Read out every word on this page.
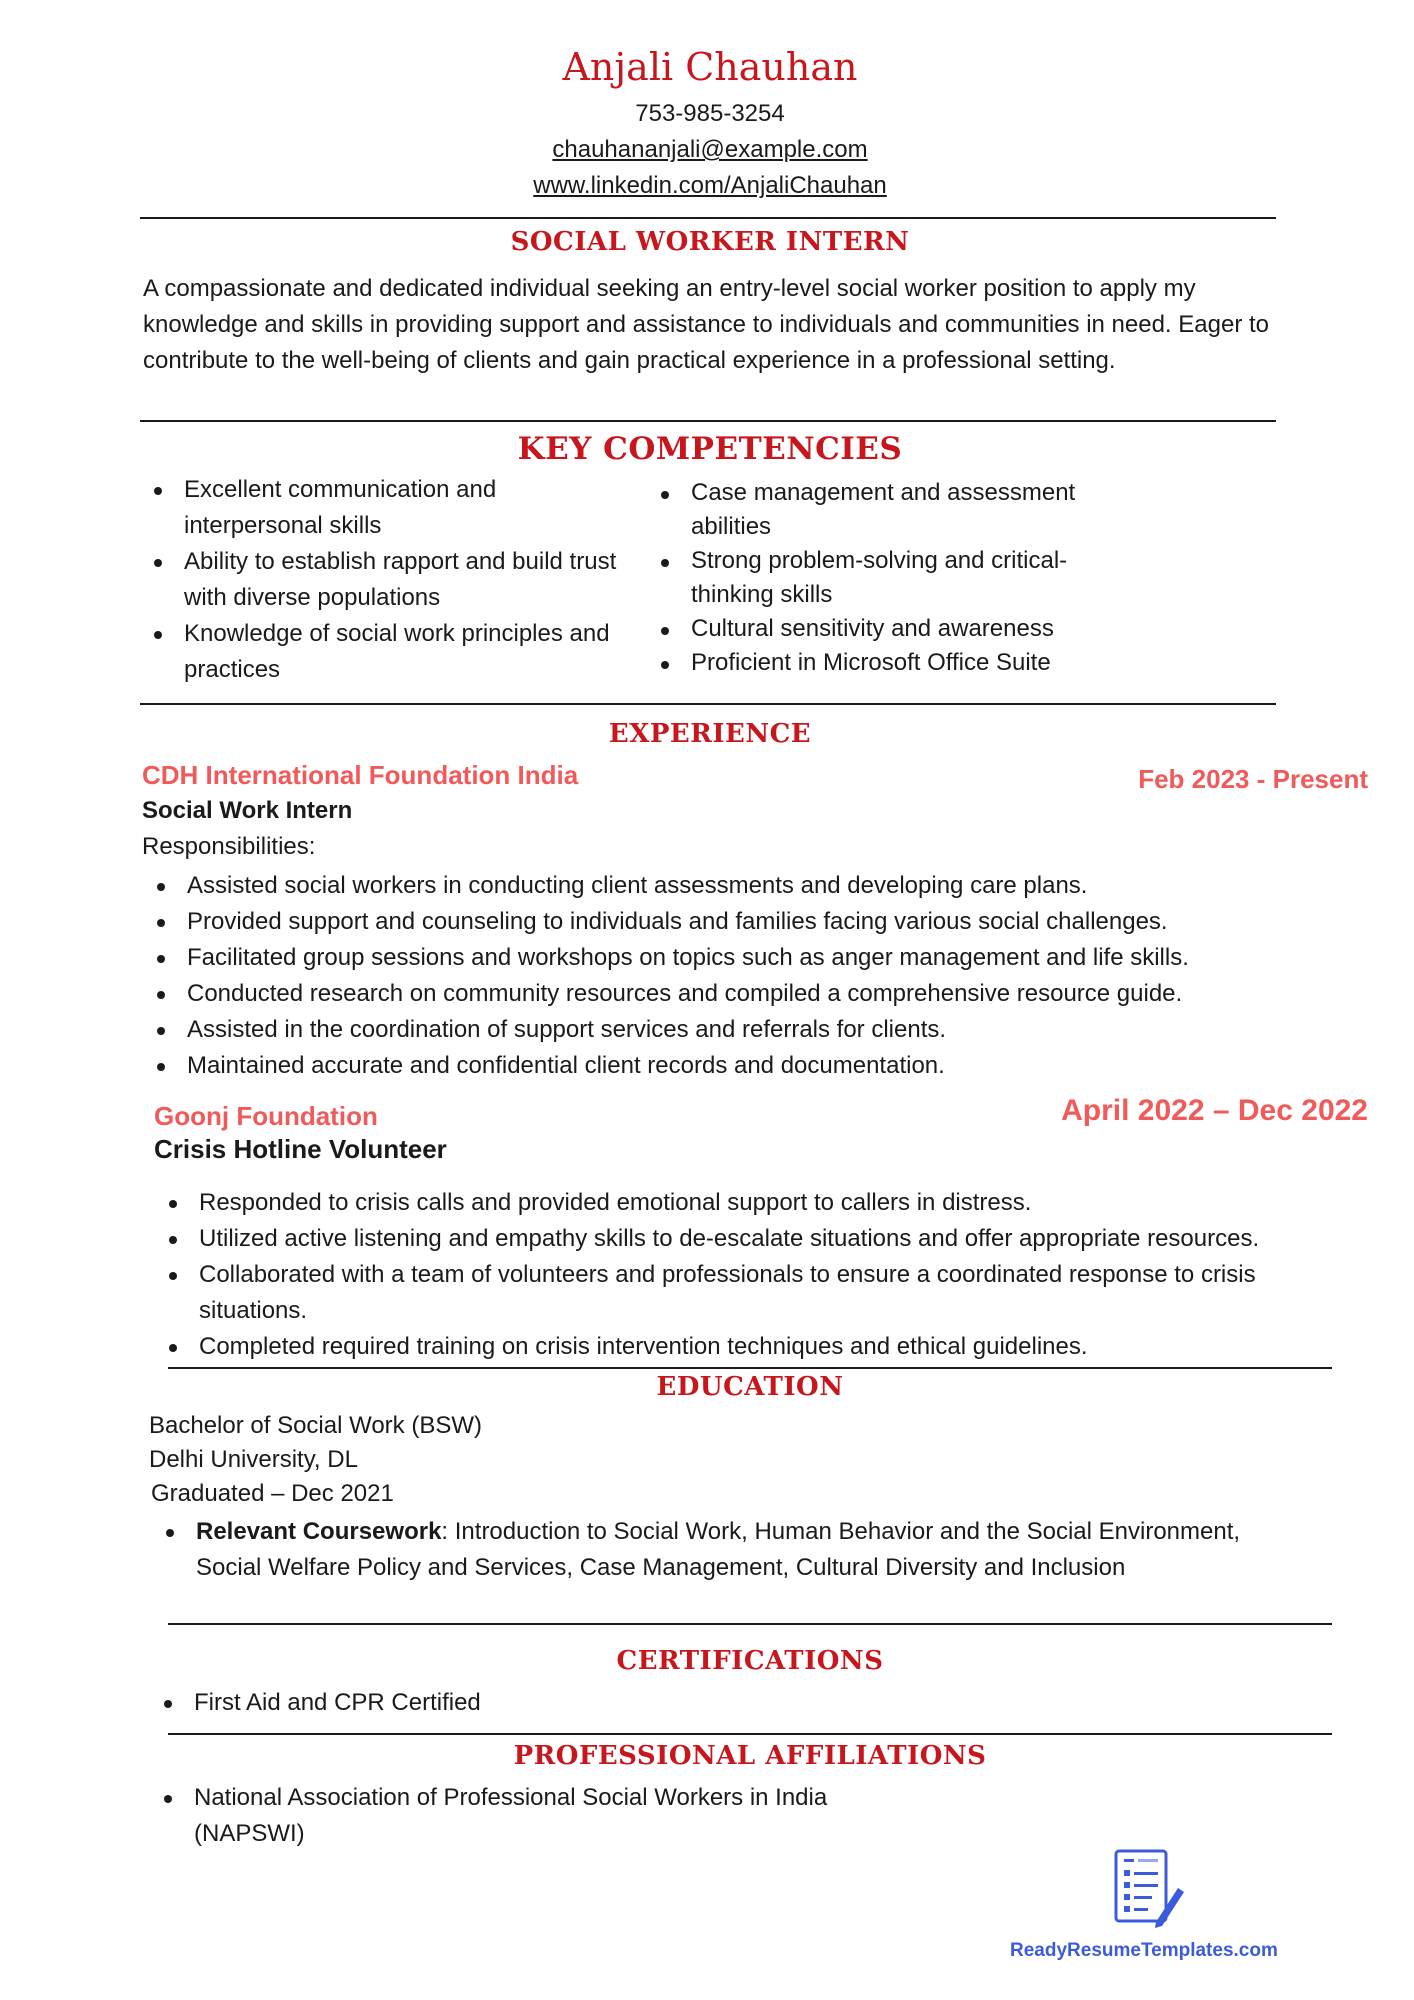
Anjali Chauhan
753-985-3254
chauhananjali@example.com
www.linkedin.com/AnjaliChauhan
SOCIAL WORKER INTERN
A compassionate and dedicated individual seeking an entry-level social worker position to apply my knowledge and skills in providing support and assistance to individuals and communities in need. Eager to contribute to the well-being of clients and gain practical experience in a professional setting.
KEY COMPETENCIES
Excellent communication and interpersonal skills
Ability to establish rapport and build trust with diverse populations
Knowledge of social work principles and practices
Case management and assessment abilities
Strong problem-solving and critical-thinking skills
Cultural sensitivity and awareness
Proficient in Microsoft Office Suite
EXPERIENCE
CDH International Foundation India	Feb 2023 - Present
Social Work Intern
Responsibilities:
Assisted social workers in conducting client assessments and developing care plans.
Provided support and counseling to individuals and families facing various social challenges.
Facilitated group sessions and workshops on topics such as anger management and life skills.
Conducted research on community resources and compiled a comprehensive resource guide.
Assisted in the coordination of support services and referrals for clients.
Maintained accurate and confidential client records and documentation.
Goonj Foundation	April 2022 – Dec 2022
Crisis Hotline Volunteer
Responded to crisis calls and provided emotional support to callers in distress.
Utilized active listening and empathy skills to de-escalate situations and offer appropriate resources.
Collaborated with a team of volunteers and professionals to ensure a coordinated response to crisis situations.
Completed required training on crisis intervention techniques and ethical guidelines.
EDUCATION
Bachelor of Social Work (BSW)
Delhi University, DL
Graduated – Dec 2021
Relevant Coursework: Introduction to Social Work, Human Behavior and the Social Environment, Social Welfare Policy and Services, Case Management, Cultural Diversity and Inclusion
CERTIFICATIONS
First Aid and CPR Certified
PROFESSIONAL AFFILIATIONS
National Association of Professional Social Workers in India (NAPSWI)
ReadyResumeTemplates.com
